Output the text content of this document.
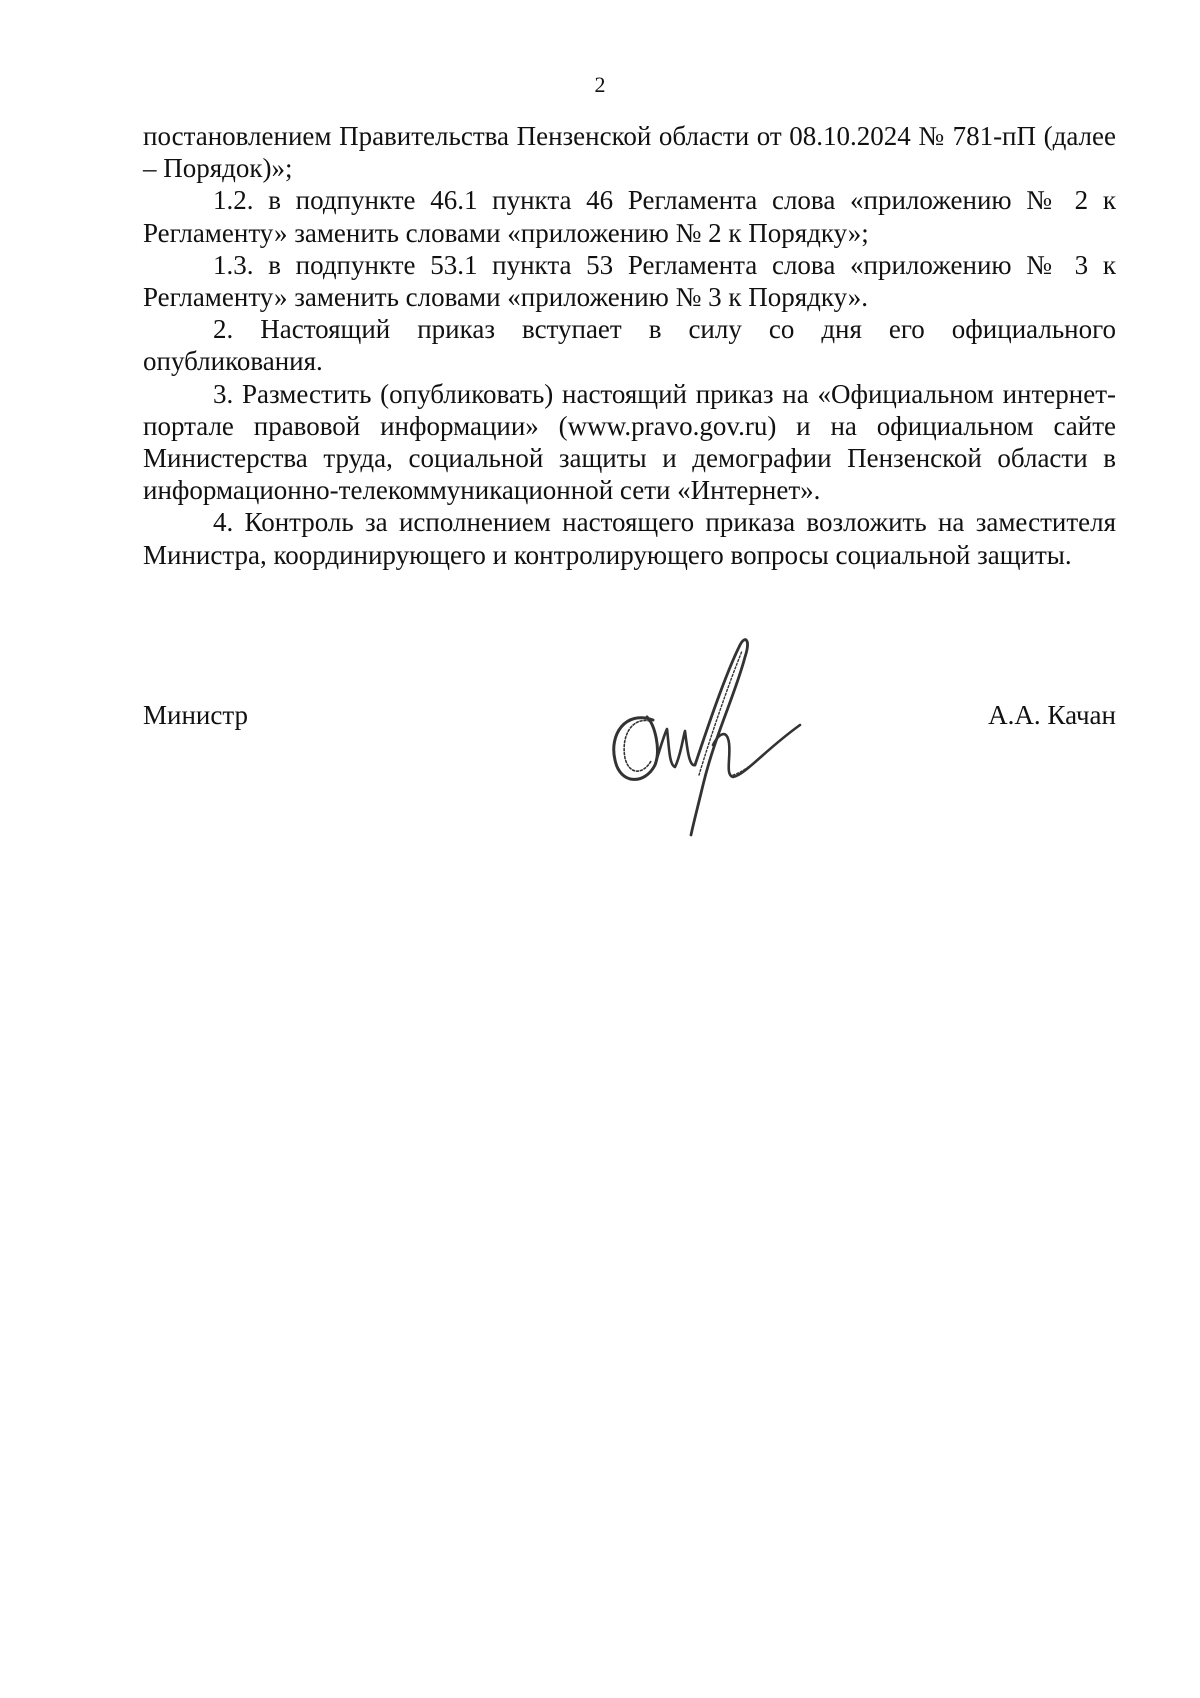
2

постановлением Правительства Пензенской области от 08.10.2024 № 781-пП (далее – Порядок)»;

1.2. в подпункте 46.1 пункта 46 Регламента слова «приложению № 2 к Регламенту» заменить словами «приложению № 2 к Порядку»;

1.3. в подпункте 53.1 пункта 53 Регламента слова «приложению № 3 к Регламенту» заменить словами «приложению № 3 к Порядку».

2. Настоящий приказ вступает в силу со дня его официального опубликования.

3. Разместить (опубликовать) настоящий приказ на «Официальном интернет-портале правовой информации» (www.pravo.gov.ru) и на официальном сайте Министерства труда, социальной защиты и демографии Пензенской области в информационно-телекоммуникационной сети «Интернет».

4. Контроль за исполнением настоящего приказа возложить на заместителя Министра, координирующего и контролирующего вопросы социальной защиты.

Министр	А.А. Качан
